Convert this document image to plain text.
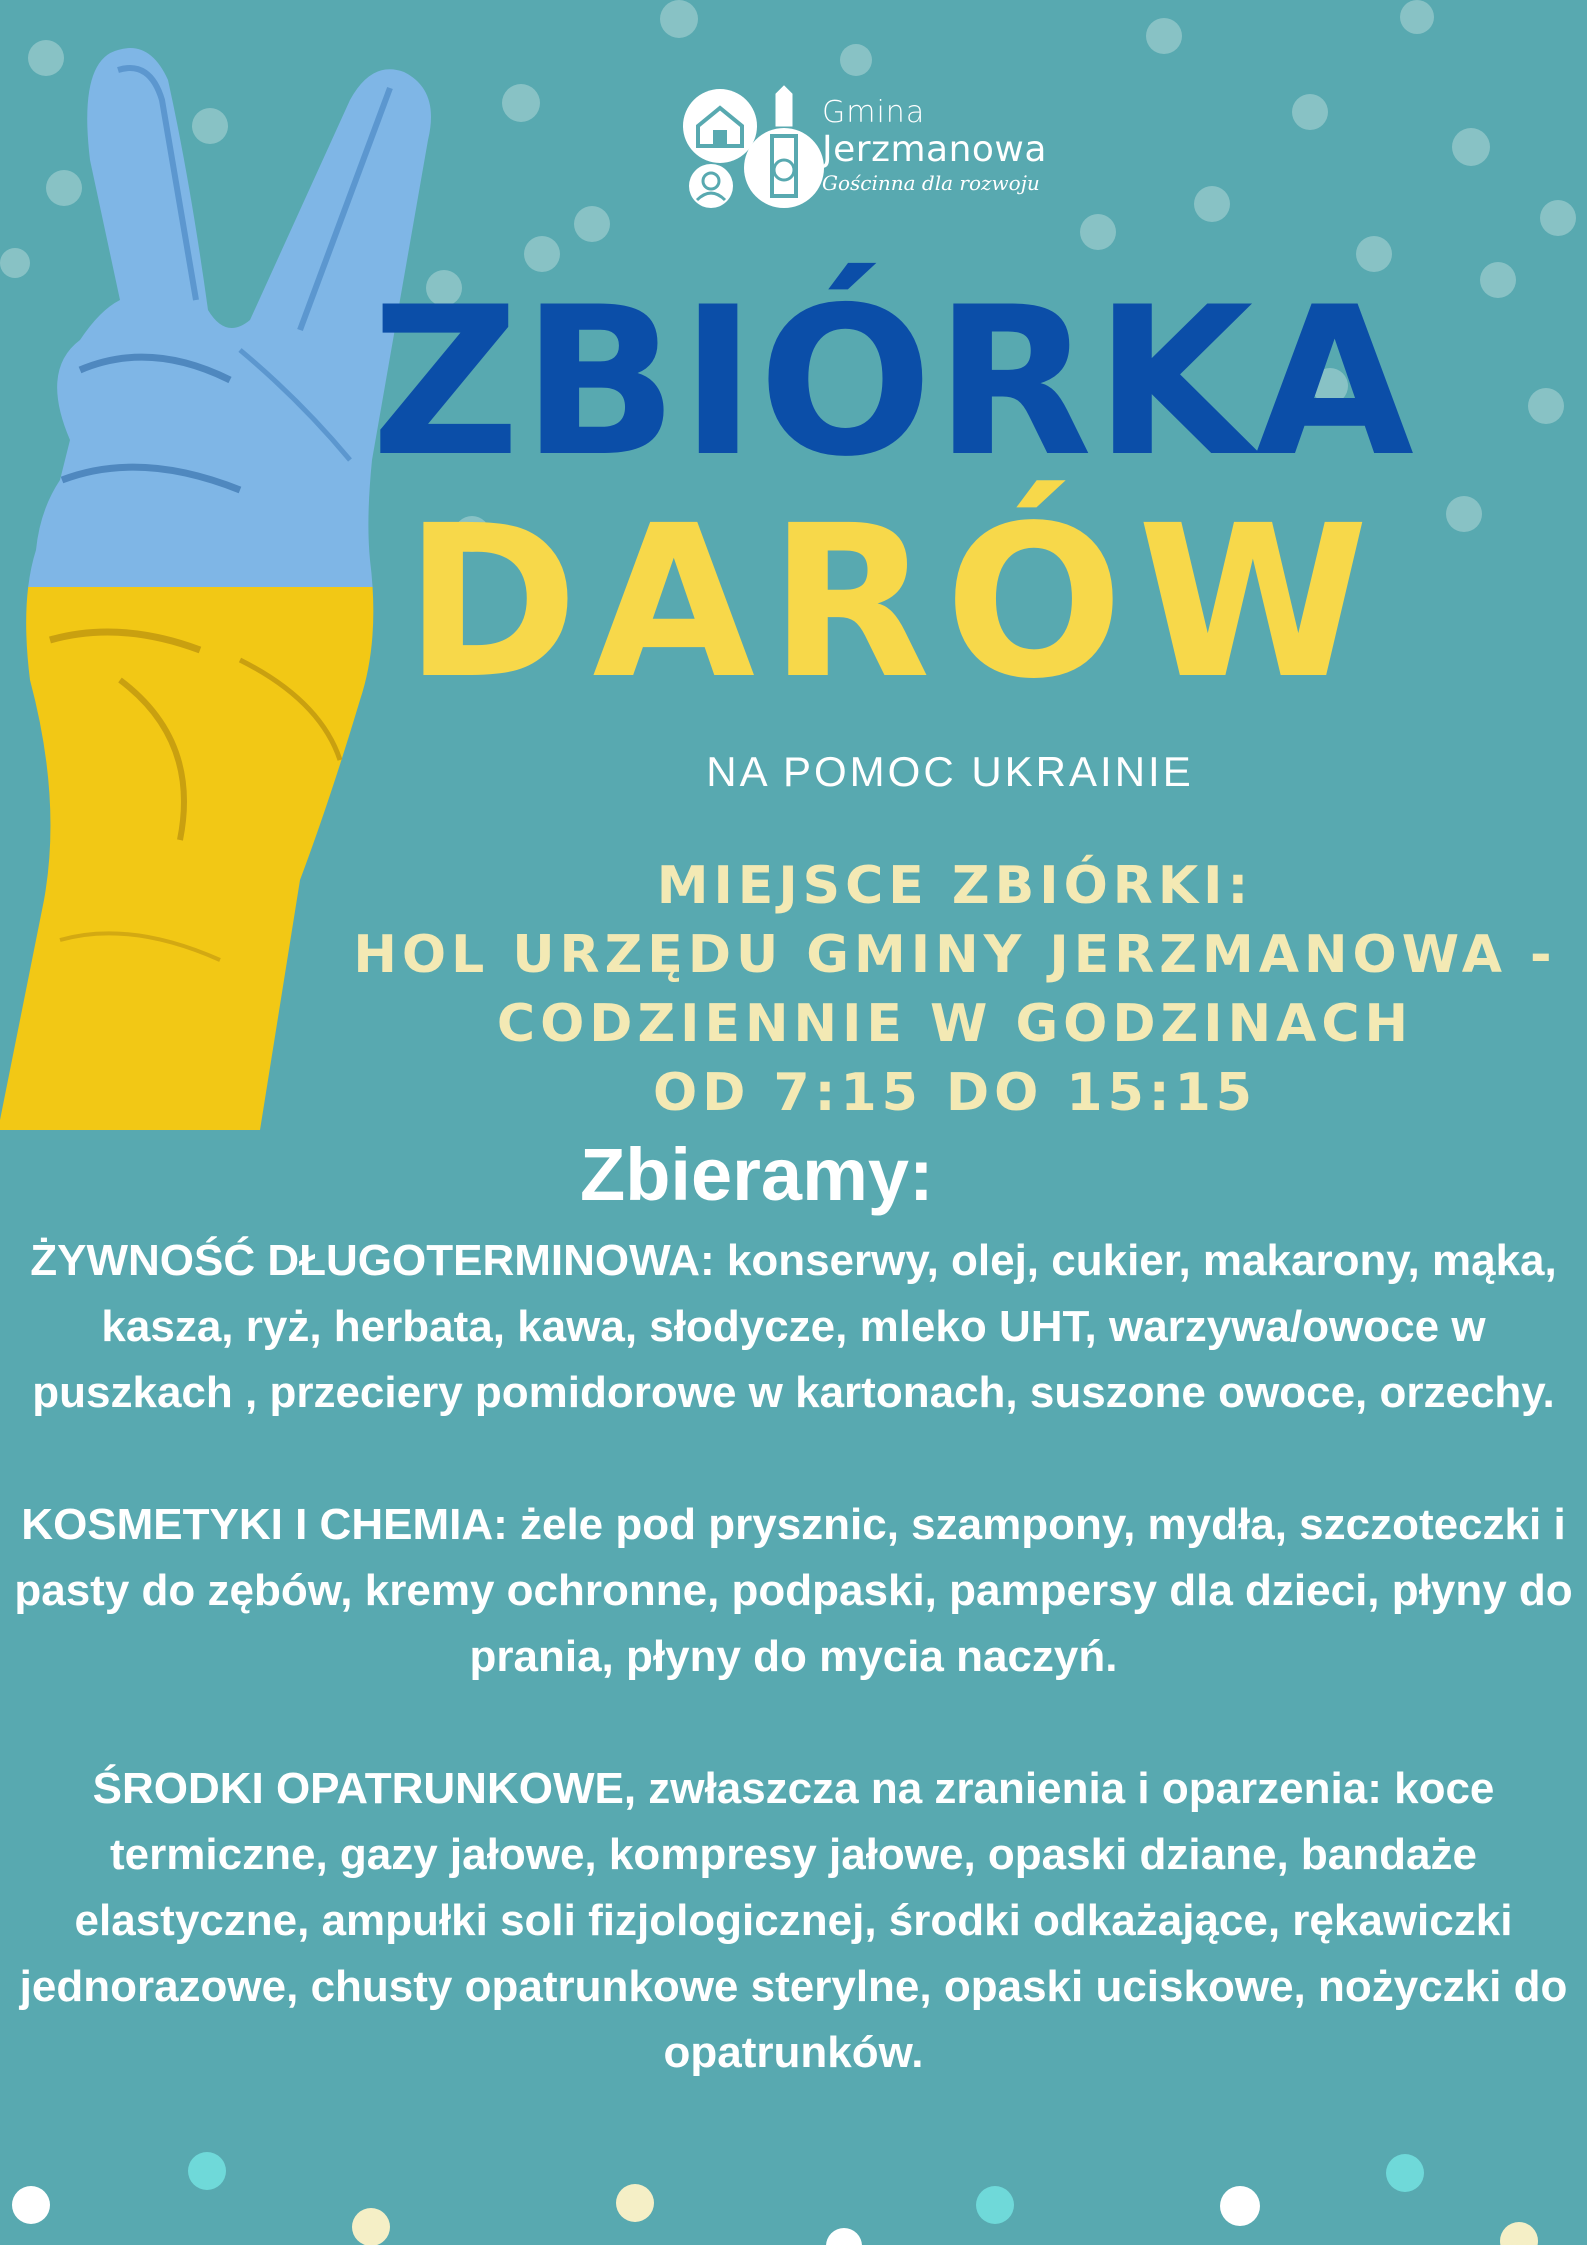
Gmina
Jerzmanowa
Gościnna dla rozwoju
ZBIÓRKA
DARÓW
NA POMOC UKRAINIE
MIEJSCE ZBIÓRKI:
HOL URZĘDU GMINY JERZMANOWA -
CODZIENNIE W GODZINACH
OD 7:15 DO 15:15
Zbieramy:

ŻYWNOŚĆ DŁUGOTERMINOWA: konserwy, olej, cukier, makarony, mąka, kasza, ryż, herbata, kawa, słodycze, mleko UHT, warzywa/owoce w puszkach , przeciery pomidorowe w kartonach, suszone owoce, orzechy.

KOSMETYKI I CHEMIA: żele pod prysznic, szampony, mydła, szczoteczki i pasty do zębów, kremy ochronne, podpaski, pampersy dla dzieci, płyny do prania, płyny do mycia naczyń.

ŚRODKI OPATRUNKOWE, zwłaszcza na zranienia i oparzenia: koce termiczne, gazy jałowe, kompresy jałowe, opaski dziane, bandaże elastyczne, ampułki soli fizjologicznej, środki odkażające, rękawiczki jednorazowe, chusty opatrunkowe sterylne, opaski uciskowe, nożyczki do opatrunków.
